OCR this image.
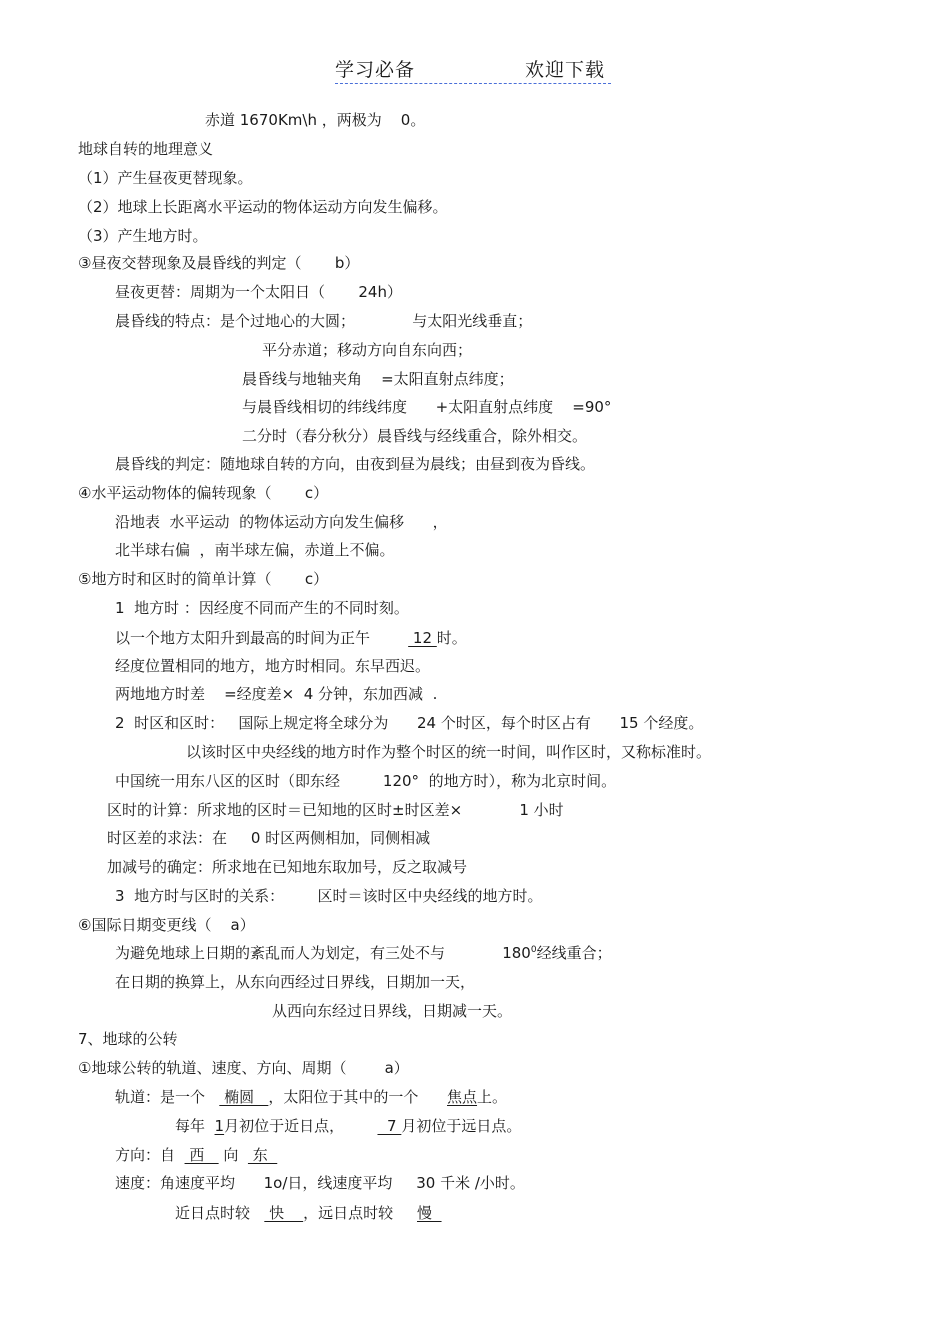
学习必备	欢迎下载
赤道 1670Km\h ，两极为    0。
地球自转的地理意义
（1）产生昼夜更替现象。
（2）地球上长距离水平运动的物体运动方向发生偏移。
（3）产生地方时。
③昼夜交替现象及晨昏线的判定（       b）
昼夜更替：周期为一个太阳日（       24h）
晨昏线的特点：是个过地心的大圆；            与太阳光线垂直；
平分赤道；移动方向自东向西；
晨昏线与地轴夹角    =太阳直射点纬度；
与晨昏线相切的纬线纬度      +太阳直射点纬度    =90°
二分时（春分秋分）晨昏线与经线重合，除外相交。
晨昏线的判定：随地球自转的方向，由夜到昼为晨线；由昼到夜为昏线。
④水平运动物体的偏转现象（       c）
沿地表  水平运动  的物体运动方向发生偏移      ，
北半球右偏  ，南半球左偏，赤道上不偏。
⑤地方时和区时的简单计算（       c）
1  地方时 ：因经度不同而产生的不同时刻。
以一个地方太阳升到最高的时间为正午         12 时。
经度位置相同的地方，地方时相同。东早西迟。
两地地方时差    =经度差×  4 分钟，东加西减  .
2  时区和区时：   国际上规定将全球分为      24 个时区，每个时区占有      15 个经度。
以该时区中央经线的地方时作为整个时区的统一时间，叫作区时，又称标准时。
中国统一用东八区的区时（即东经         120°  的地方时），称为北京时间。
区时的计算：所求地的区时＝已知地的区时±时区差×            1 小时
时区差的求法：在     0 时区两侧相加，同侧相减
加减号的确定：所求地在已知地东取加号，反之取减号
3  地方时与区时的关系：       区时＝该时区中央经线的地方时。
⑥国际日期变更线（    a）
为避免地球上日期的紊乱而人为划定，有三处不与            $180^0$经线重合；
在日期的换算上，从东向西经过日界线，日期加一天，
从西向东经过日界线，日期减一天。
7、地球的公转
①地球公转的轨道、速度、方向、周期（        a）
轨道：是一个    椭圆   ，太阳位于其中的一个      焦点上。
每年  1月初位于近日点，         7 月初位于远日点。
方向：自   西    向   东
速度：角速度平均      1o/日，线速度平均     30 千米 /小时。
近日点时较    快    ，远日点时较     慢
